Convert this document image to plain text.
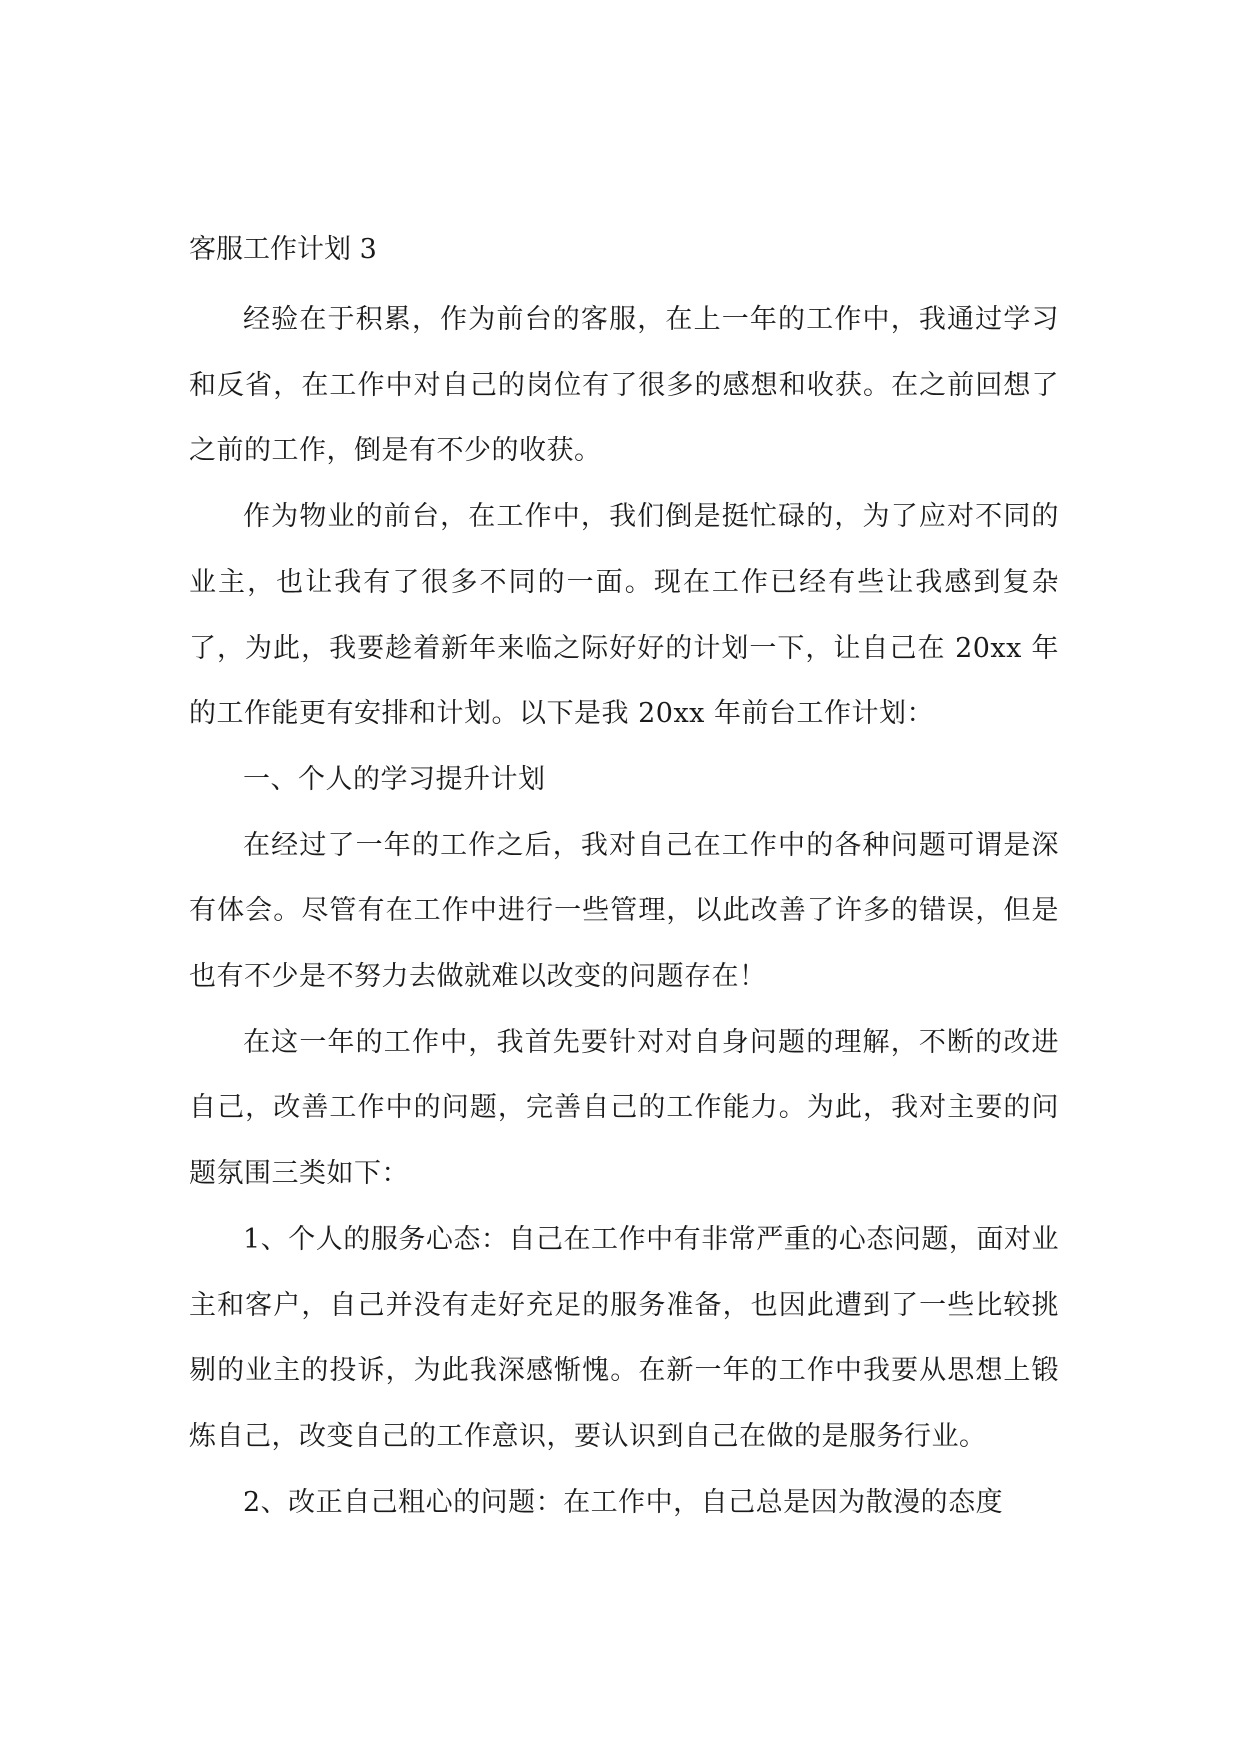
客服工作计划 3

经验在于积累，作为前台的客服，在上一年的工作中，我通过学习和反省，在工作中对自己的岗位有了很多的感想和收获。在之前回想了之前的工作，倒是有不少的收获。

作为物业的前台，在工作中，我们倒是挺忙碌的，为了应对不同的业主，也让我有了很多不同的一面。现在工作已经有些让我感到复杂了，为此，我要趁着新年来临之际好好的计划一下，让自己在 20xx 年的工作能更有安排和计划。以下是我 20xx 年前台工作计划：

一、个人的学习提升计划

在经过了一年的工作之后，我对自己在工作中的各种问题可谓是深有体会。尽管有在工作中进行一些管理，以此改善了许多的错误，但是也有不少是不努力去做就难以改变的问题存在！

在这一年的工作中，我首先要针对对自身问题的理解，不断的改进自己，改善工作中的问题，完善自己的工作能力。为此，我对主要的问题氛围三类如下：

1、个人的服务心态：自己在工作中有非常严重的心态问题，面对业主和客户，自己并没有走好充足的服务准备，也因此遭到了一些比较挑剔的业主的投诉，为此我深感惭愧。在新一年的工作中我要从思想上锻炼自己，改变自己的工作意识，要认识到自己在做的是服务行业。

2、改正自己粗心的问题：在工作中，自己总是因为散漫的态度
